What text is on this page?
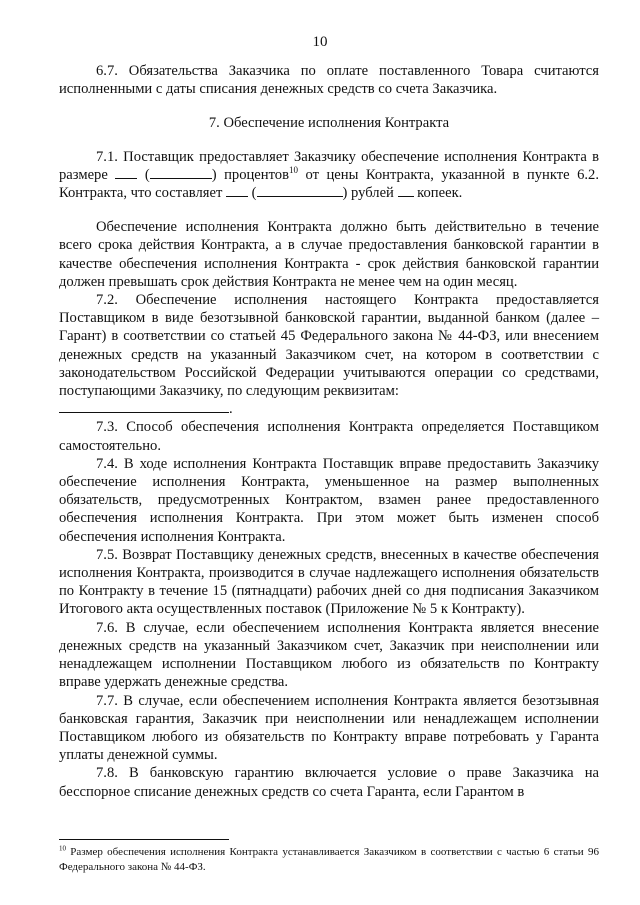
10

6.7. Обязательства Заказчика по оплате поставленного Товара считаются исполненными с даты списания денежных средств со счета Заказчика.

7. Обеспечение исполнения Контракта

7.1. Поставщик предоставляет Заказчику обеспечение исполнения Контракта в размере  (	) процентов$^{10}$ от цены Контракта, указанной в пункте 6.2. Контракта, что составляет  (	) рублей  копеек.

Обеспечение исполнения Контракта должно быть действительно в течение всего срока действия Контракта, а в случае предоставления банковской гарантии в качестве обеспечения исполнения Контракта - срок действия банковской гарантии должен превышать срок действия Контракта не менее чем на один месяц.

7.2. Обеспечение исполнения настоящего Контракта предоставляется Поставщиком в виде безотзывной банковской гарантии, выданной банком (далее – Гарант) в соответствии со статьей 45 Федерального закона № 44-ФЗ, или внесением денежных средств на указанный Заказчиком счет, на котором в соответствии с законодательством Российской Федерации учитываются операции со средствами, поступающими Заказчику, по следующим реквизитам:

.

7.3. Способ обеспечения исполнения Контракта определяется Поставщиком самостоятельно.

7.4. В ходе исполнения Контракта Поставщик вправе предоставить Заказчику обеспечение исполнения Контракта, уменьшенное на размер выполненных обязательств, предусмотренных Контрактом, взамен ранее предоставленного обеспечения исполнения Контракта. При этом может быть изменен способ обеспечения исполнения Контракта.

7.5. Возврат Поставщику денежных средств, внесенных в качестве обеспечения исполнения Контракта, производится в случае надлежащего исполнения обязательств по Контракту в течение 15 (пятнадцати) рабочих дней со дня подписания Заказчиком Итогового акта осуществленных поставок (Приложение № 5 к Контракту).

7.6. В случае, если обеспечением исполнения Контракта является внесение денежных средств на указанный Заказчиком счет, Заказчик при неисполнении или ненадлежащем исполнении Поставщиком любого из обязательств по Контракту вправе удержать денежные средства.

7.7. В случае, если обеспечением исполнения Контракта является безотзывная банковская гарантия, Заказчик при неисполнении или ненадлежащем исполнении Поставщиком любого из обязательств по Контракту вправе потребовать у Гаранта уплаты денежной суммы.

7.8. В банковскую гарантию включается условие о праве Заказчика на бесспорное списание денежных средств со счета Гаранта, если Гарантом в

$^{10}$ Размер обеспечения исполнения Контракта устанавливается Заказчиком в соответствии с частью 6 статьи 96 Федерального закона № 44-ФЗ.
